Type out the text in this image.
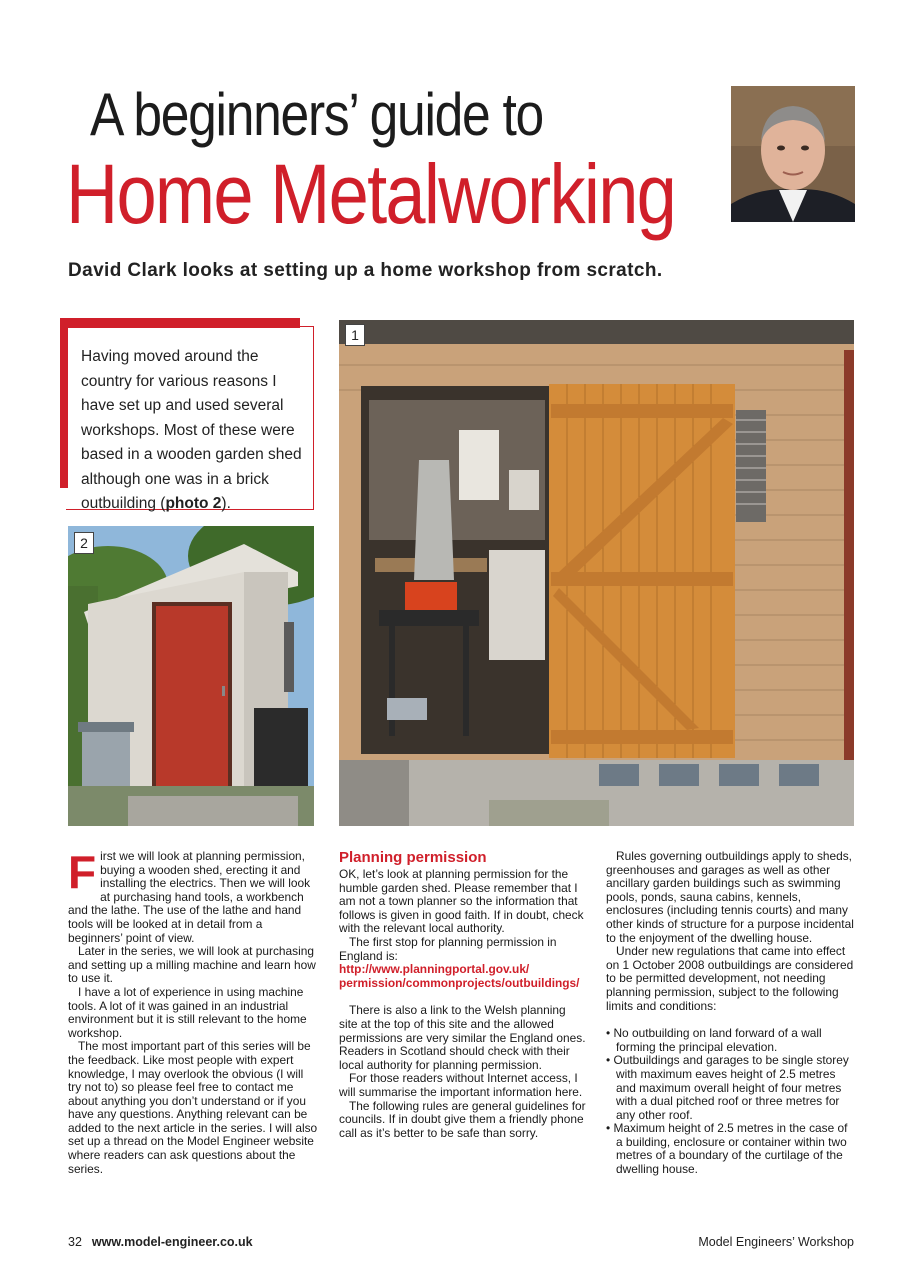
A beginners’ guide to
Home Metalworking
David Clark looks at setting up a home workshop from scratch.
Having moved around the country for various reasons I have set up and used several workshops. Most of these were based in a wooden garden shed although one was in a brick outbuilding (photo 2).
1
2

First we will look at planning permission, buying a wooden shed, erecting it and installing the electrics. Then we will look at purchasing hand tools, a workbench and the lathe. The use of the lathe and hand tools will be looked at in detail from a beginners’ point of view.

Later in the series, we will look at purchasing and setting up a milling machine and learn how to use it.

I have a lot of experience in using machine tools. A lot of it was gained in an industrial environment but it is still relevant to the home workshop.

The most important part of this series will be the feedback. Like most people with expert knowledge, I may overlook the obvious (I will try not to) so please feel free to contact me about anything you don’t understand or if you have any questions. Anything relevant can be added to the next article in the series. I will also set up a thread on the Model Engineer website where readers can ask questions about the series.

Planning permission

OK, let’s look at planning permission for the humble garden shed. Please remember that I am not a town planner so the information that follows is given in good faith. If in doubt, check with the relevant local authority.

The first stop for planning permission in England is:

http://www.planningportal.gov.uk/
permission/commonprojects/outbuildings/

There is also a link to the Welsh planning site at the top of this site and the allowed permissions are very similar the England ones. Readers in Scotland should check with their local authority for planning permission.

For those readers without Internet access, I will summarise the important information here.

The following rules are general guidelines for councils. If in doubt give them a friendly phone call as it’s better to be safe than sorry.

Rules governing outbuildings apply to sheds, greenhouses and garages as well as other ancillary garden buildings such as swimming pools, ponds, sauna cabins, kennels, enclosures (including tennis courts) and many other kinds of structure for a purpose incidental to the enjoyment of the dwelling house.

Under new regulations that came into effect on 1 October 2008 outbuildings are considered to be permitted development, not needing planning permission, subject to the following limits and conditions:

• No outbuilding on land forward of a wall forming the principal elevation.
• Outbuildings and garages to be single storey with maximum eaves height of 2.5 metres and maximum overall height of four metres with a dual pitched roof or three metres for any other roof.
• Maximum height of 2.5 metres in the case of a building, enclosure or container within two metres of a boundary of the curtilage of the dwelling house.
32 www.model-engineer.co.uk	Model Engineers’ Workshop
